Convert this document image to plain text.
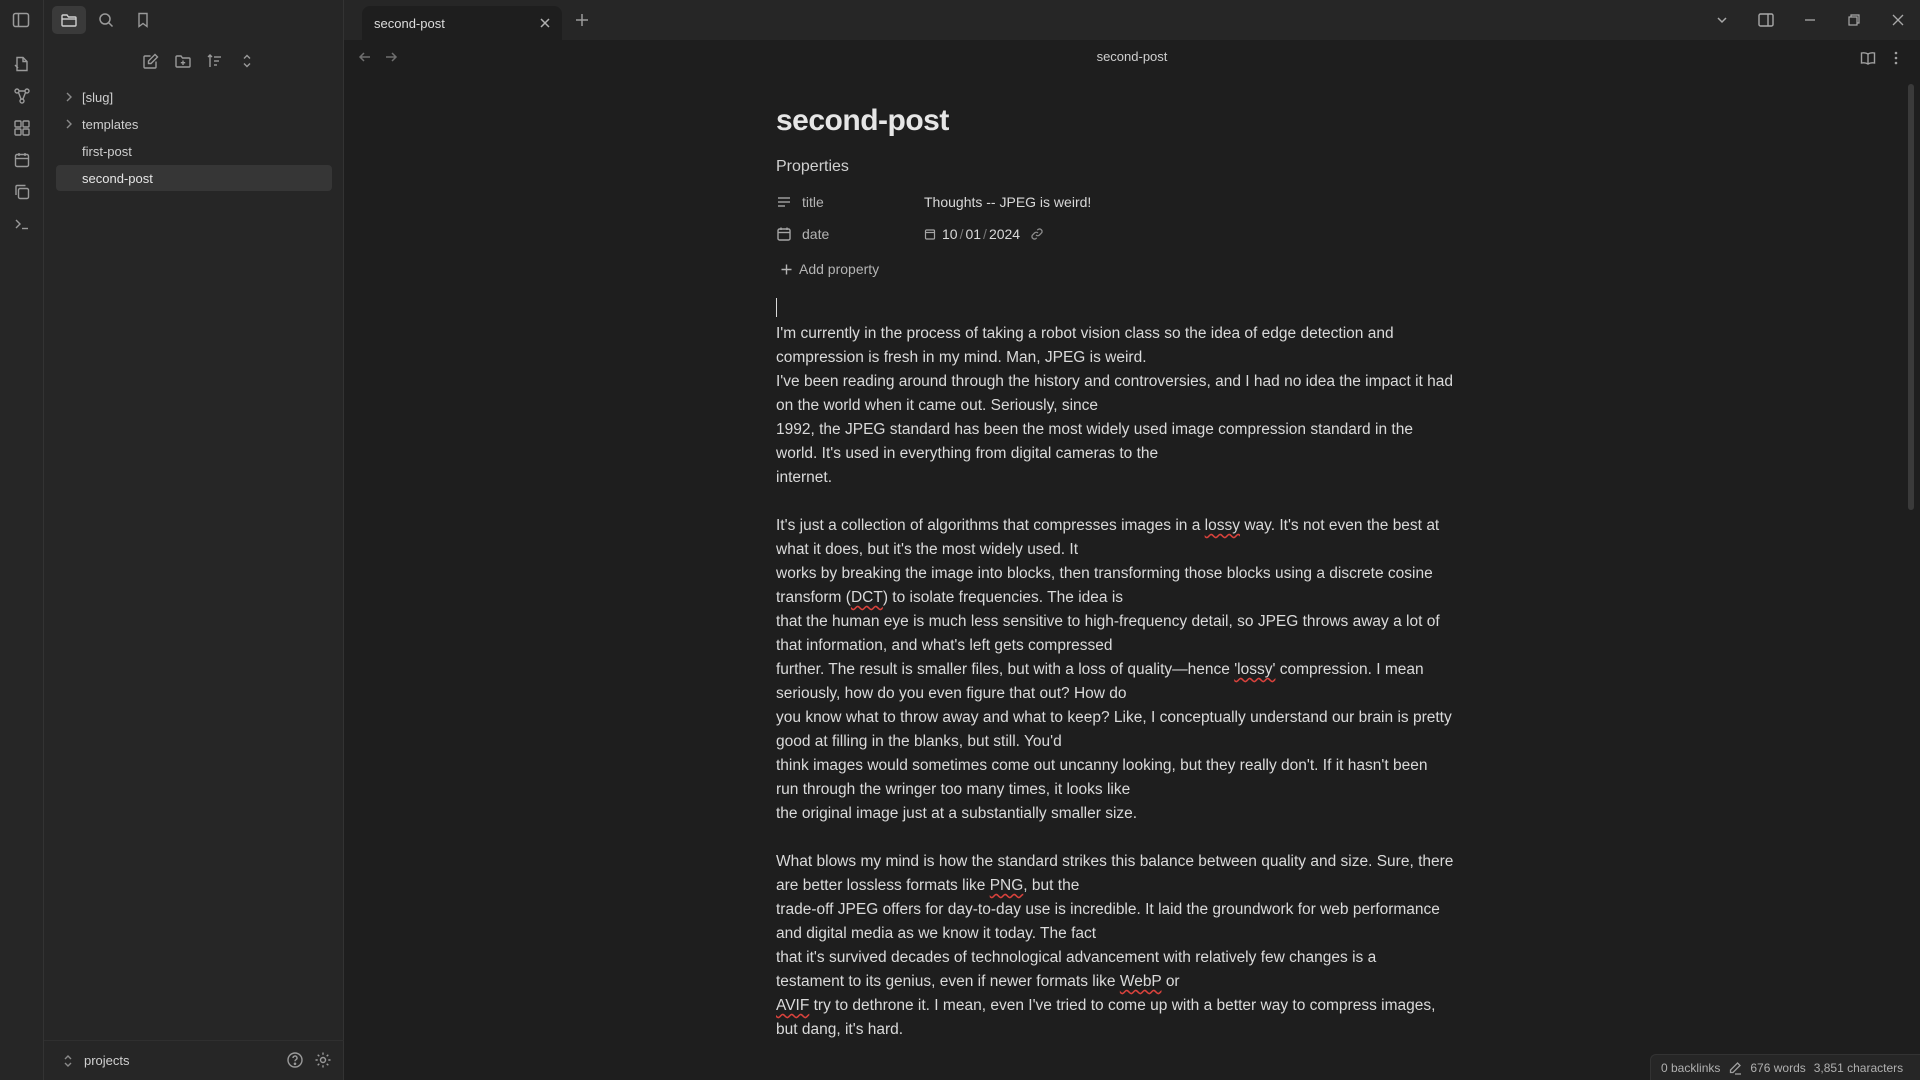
[slug]
templates
first-post
second-post
projects
second-post
second-post
second-post
Properties
title	Thoughts -- JPEG is weird!
date	10 / 01 / 2024
Add property
I'm currently in the process of taking a robot vision class so the idea of edge detection and
compression is fresh in my mind. Man, JPEG is weird.
I've been reading around through the history and controversies, and I had no idea the impact it had
on the world when it came out. Seriously, since
1992, the JPEG standard has been the most widely used image compression standard in the
world. It's used in everything from digital cameras to the
internet.
It's just a collection of algorithms that compresses images in a lossy way. It's not even the best at
what it does, but it's the most widely used. It
works by breaking the image into blocks, then transforming those blocks using a discrete cosine
transform (DCT) to isolate frequencies. The idea is
that the human eye is much less sensitive to high-frequency detail, so JPEG throws away a lot of
that information, and what's left gets compressed
further. The result is smaller files, but with a loss of quality—hence 'lossy' compression. I mean
seriously, how do you even figure that out? How do
you know what to throw away and what to keep? Like, I conceptually understand our brain is pretty
good at filling in the blanks, but still. You'd
think images would sometimes come out uncanny looking, but they really don't. If it hasn't been
run through the wringer too many times, it looks like
the original image just at a substantially smaller size.
What blows my mind is how the standard strikes this balance between quality and size. Sure, there
are better lossless formats like PNG, but the
trade-off JPEG offers for day-to-day use is incredible. It laid the groundwork for web performance
and digital media as we know it today. The fact
that it's survived decades of technological advancement with relatively few changes is a
testament to its genius, even if newer formats like WebP or
AVIF try to dethrone it. I mean, even I've tried to come up with a better way to compress images,
but dang, it's hard.
0 backlinks	676 words 3,851 characters
